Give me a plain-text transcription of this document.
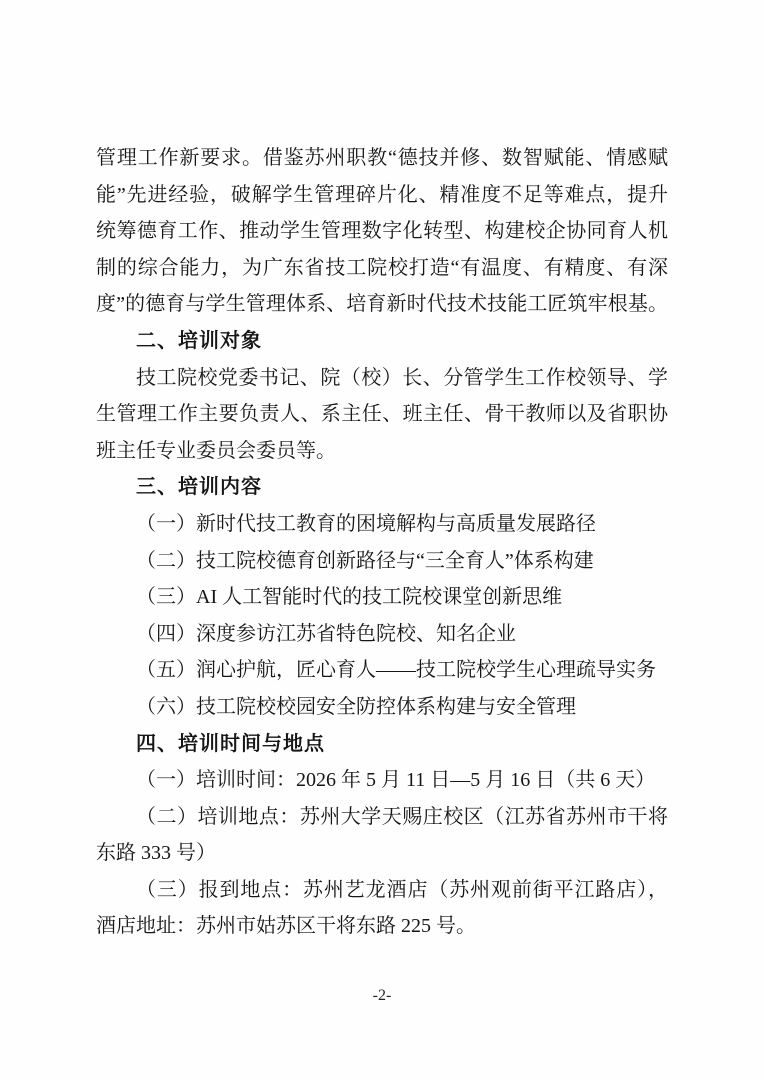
管理工作新要求。借鉴苏州职教“德技并修、数智赋能、情感赋
能”先进经验，破解学生管理碎片化、精准度不足等难点，提升
统筹德育工作、推动学生管理数字化转型、构建校企协同育人机
制的综合能力，为广东省技工院校打造“有温度、有精度、有深
度”的德育与学生管理体系、培育新时代技术技能工匠筑牢根基。
二、培训对象
技工院校党委书记、院（校）长、分管学生工作校领导、学
生管理工作主要负责人、系主任、班主任、骨干教师以及省职协
班主任专业委员会委员等。
三、培训内容
（一）新时代技工教育的困境解构与高质量发展路径
（二）技工院校德育创新路径与“三全育人”体系构建
（三）AI 人工智能时代的技工院校课堂创新思维
（四）深度参访江苏省特色院校、知名企业
（五）润心护航，匠心育人——技工院校学生心理疏导实务
（六）技工院校校园安全防控体系构建与安全管理
四、培训时间与地点
（一）培训时间：2026 年 5 月 11 日—5 月 16 日（共 6 天）
（二）培训地点：苏州大学天赐庄校区（江苏省苏州市干将
东路 333 号）
（三）报到地点：苏州艺龙酒店（苏州观前街平江路店），
酒店地址：苏州市姑苏区干将东路 225 号。
-2-
